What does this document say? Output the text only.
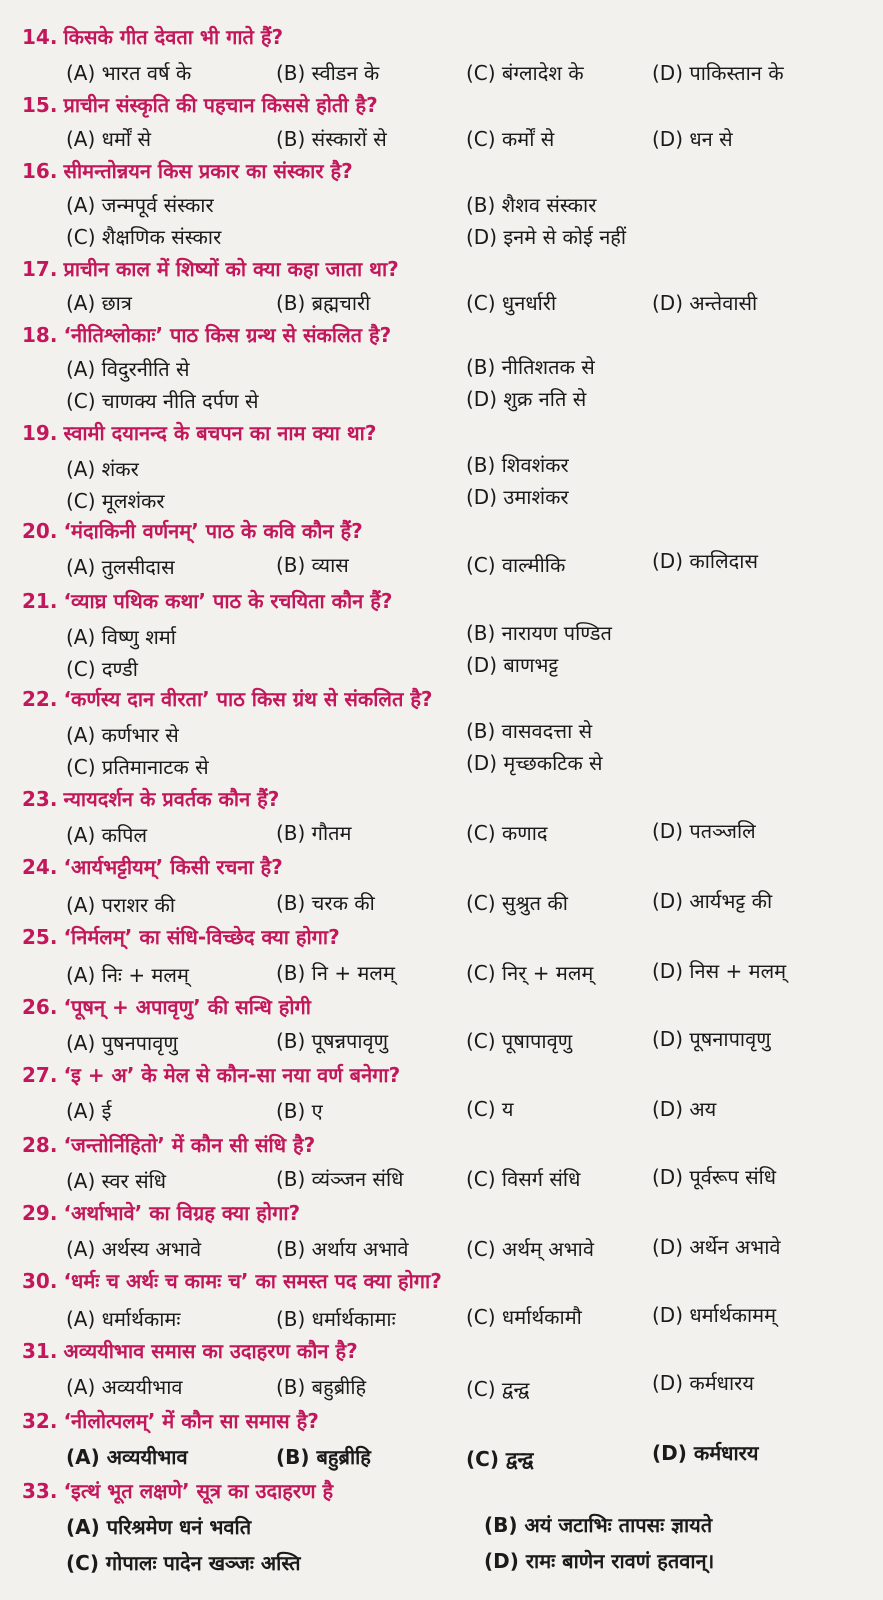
14. किसके गीत देवता भी गाते हैं?
(A) भारत वर्ष के	(B) स्वीडन के	(C) बंग्लादेश के	(D) पाकिस्तान के
15. प्राचीन संस्कृति की पहचान किससे होती है?
(A) धर्मों से	(B) संस्कारों से	(C) कर्मों से	(D) धन से
16. सीमन्तोन्नयन किस प्रकार का संस्कार है?
(A) जन्मपूर्व संस्कार	(B) शैशव संस्कार
(C) शैक्षणिक संस्कार	(D) इनमे से कोई नहीं
17. प्राचीन काल में शिष्यों को क्या कहा जाता था?
(A) छात्र	(B) ब्रह्मचारी	(C) धुनर्धारी	(D) अन्तेवासी
18. ‘नीतिश्लोकाः’ पाठ किस ग्रन्थ से संकलित है?
(A) विदुरनीति से	(B) नीतिशतक से
(C) चाणक्य नीति दर्पण से	(D) शुक्र नति से
19. स्वामी दयानन्द के बचपन का नाम क्या था?
(A) शंकर	(B) शिवशंकर
(C) मूलशंकर	(D) उमाशंकर
20. ‘मंदाकिनी वर्णनम्’ पाठ के कवि कौन हैं?
(A) तुलसीदास	(B) व्यास	(C) वाल्मीकि	(D) कालिदास
21. ‘व्याघ्र पथिक कथा’ पाठ के रचयिता कौन हैं?
(A) विष्णु शर्मा	(B) नारायण पण्डित
(C) दण्डी	(D) बाणभट्ट
22. ‘कर्णस्य दान वीरता’ पाठ किस ग्रंथ से संकलित है?
(A) कर्णभार से	(B) वासवदत्ता से
(C) प्रतिमानाटक से	(D) मृच्छकटिक से
23. न्यायदर्शन के प्रवर्तक कौन हैं?
(A) कपिल	(B) गौतम	(C) कणाद	(D) पतञ्जलि
24. ‘आर्यभट्टीयम्’ किसी रचना है?
(A) पराशर की	(B) चरक की	(C) सुश्रुत की	(D) आर्यभट्ट की
25. ‘निर्मलम्’ का संधि-विच्छेद क्या होगा?
(A) निः + मलम्	(B) नि + मलम्	(C) निर् + मलम्	(D) निस + मलम्
26. ‘पूषन् + अपावृणु’ की सन्धि होगी
(A) पुषनपावृणु	(B) पूषन्नपावृणु	(C) पूषापावृणु	(D) पूषनापावृणु
27. ‘इ + अ’ के मेल से कौन-सा नया वर्ण बनेगा?
(A) ई	(B) ए	(C) य	(D) अय
28. ‘जन्तोर्निहितो’ में कौन सी संधि है?
(A) स्वर संधि	(B) व्यंञ्जन संधि	(C) विसर्ग संधि	(D) पूर्वरूप संधि
29. ‘अर्थाभावे’ का विग्रह क्या होगा?
(A) अर्थस्य अभावे	(B) अर्थाय अभावे	(C) अर्थम् अभावे	(D) अर्थेन अभावे
30. ‘धर्मः च अर्थः च कामः च’ का समस्त पद क्या होगा?
(A) धर्मार्थकामः	(B) धर्मार्थकामाः	(C) धर्मार्थकामौ	(D) धर्मार्थकामम्
31. अव्ययीभाव समास का उदाहरण कौन है?
(A) अव्ययीभाव	(B) बहुब्रीहि	(C) द्वन्द्व	(D) कर्मधारय
32. ‘नीलोत्पलम्’ में कौन सा समास है?
(A) अव्ययीभाव	(B) बहुब्रीहि	(C) द्वन्द्व	(D) कर्मधारय
33. ‘इत्थं भूत लक्षणे’ सूत्र का उदाहरण है
(A) परिश्रमेण धनं भवति	(B) अयं जटाभिः तापसः ज्ञायते
(C) गोपालः पादेन खञ्जः अस्ति	(D) रामः बाणेन रावणं हतवान्।
